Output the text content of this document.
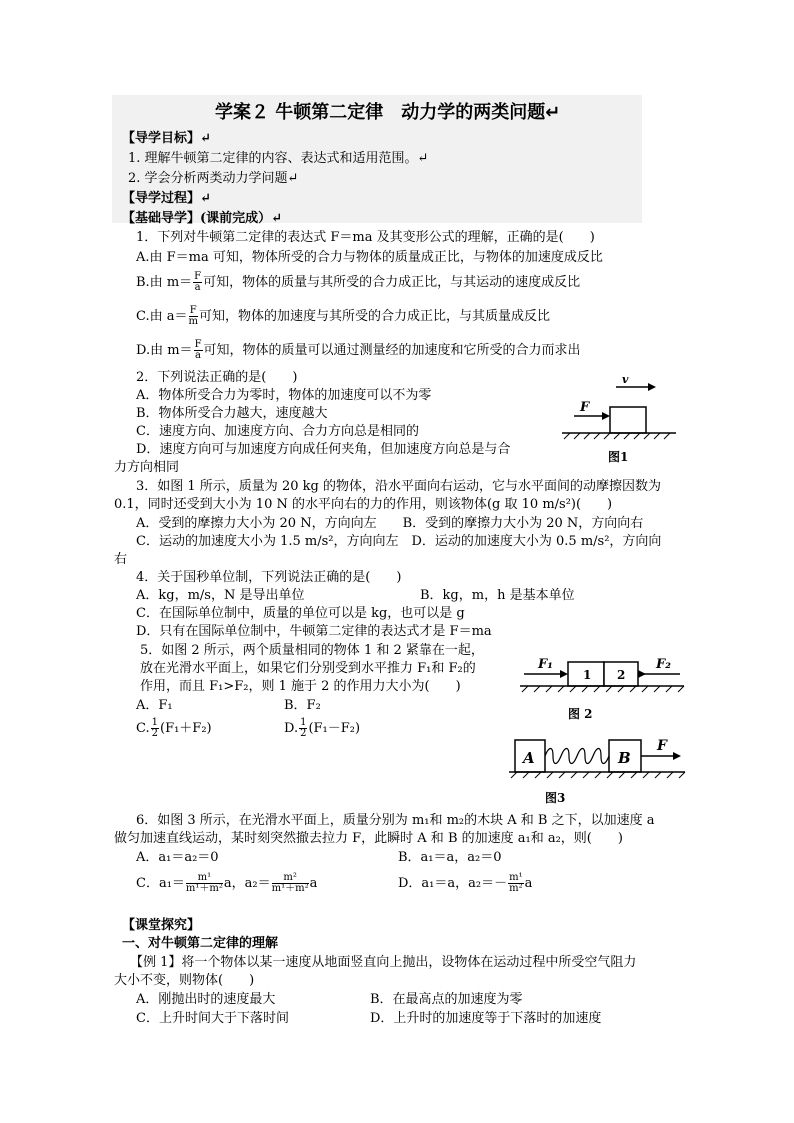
学案２ 牛顿第二定律　动力学的两类问题↵
【导学目标】↵
1. 理解牛顿第二定律的内容、表达式和适用范围。↵
2. 学会分析两类动力学问题↵
【导学过程】↵
【基础导学】(课前完成）↵
1．下列对牛顿第二定律的表达式 F＝ma 及其变形公式的理解，正确的是(　　)
A.由 F＝ma 可知，物体所受的合力与物体的质量成正比，与物体的加速度成反比
B.由 $m= \frac{F}{a}$ 可知，物体的质量与其所受的合力成正比，与其运动的速度成反比
C.由 $a= \frac{F}{m}$ 可知，物体的加速度与其所受的合力成正比，与其质量成反比
D.由 $m= \frac{F}{a}$ 可知，物体的质量可以通过测量经的加速度和它所受的合力而求出
2．下列说法正确的是(　　)
A．物体所受合力为零时，物体的加速度可以不为零
B．物体所受合力越大，速度越大
C．速度方向、加速度方向、合力方向总是相同的
D．速度方向可与加速度方向成任何夹角，但加速度方向总是与合
力方向相同
v
F
图1
3．如图 1 所示，质量为 20 kg 的物体，沿水平面向右运动，它与水平面间的动摩擦因数为
0.1，同时还受到大小为 10 N 的水平向右的力的作用，则该物体(g 取 10 m/s²)(　　)
A．受到的摩擦力大小为 20 N，方向向左　　B．受到的摩擦力大小为 20 N，方向向右
C．运动的加速度大小为 1.5 m/s²，方向向左　D．运动的加速度大小为 0.5 m/s²，方向向
右
4．关于国秒单位制，下列说法正确的是(　　)
A．kg，m/s，N 是导出单位	B．kg，m，h 是基本单位
C．在国际单位制中，质量的单位可以是 kg，也可以是 g
D．只有在国际单位制中，牛顿第二定律的表达式才是 F＝ma
5．如图 2 所示，两个质量相同的物体 1 和 2 紧靠在一起，
放在光滑水平面上，如果它们分别受到水平推力 F₁和 F₂的
作用，而且 F₁>F₂，则 1 施于 2 的作用力大小为(　　)
A．F₁	B．F₂
C. $\frac{1}{2} (F_1+F_2)$	D. $\frac{1}{2} (F_1-F_2)$
F₁
1 2
F₂
图 2
A	B
F
图3
6．如图 3 所示，在光滑水平面上，质量分别为 m₁和 m₂的木块 A 和 B 之下，以加速度 a
做匀加速直线运动，某时刻突然撤去拉力 F，此瞬时 A 和 B 的加速度 a₁和 a₂，则(　　)
A．a₁＝a₂＝0	B．a₁＝a，a₂＝0
C．$a_1= \frac{\text{m¹}}{\text{m¹＋m²}}$ a，$a_2= \frac{\text{m²}}{\text{m¹＋m²}}$ a	D．a₁＝a，$a_2=- \frac{\text{m¹}}{\text{m²}}$ a
【课堂探究】
一、对牛顿第二定律的理解
【例 1】将一个物体以某一速度从地面竖直向上抛出，设物体在运动过程中所受空气阻力
大小不变，则物体(　　)
A．刚抛出时的速度最大	B．在最高点的加速度为零
C．上升时间大于下落时间	D．上升时的加速度等于下落时的加速度
